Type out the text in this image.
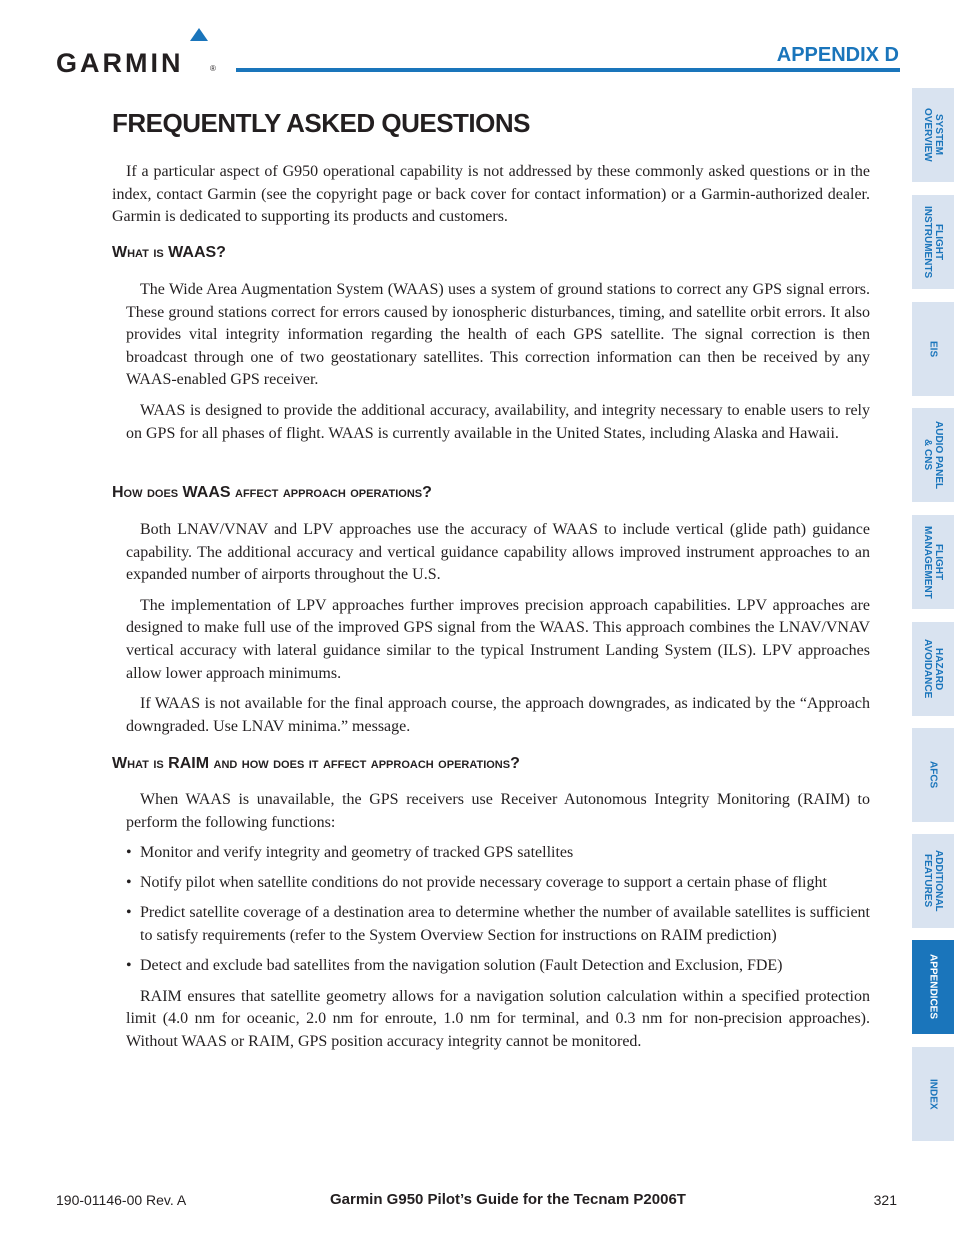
GARMIN	®
APPENDIX D
FREQUENTLY ASKED QUESTIONS

If a particular aspect of G950 operational capability is not addressed by these commonly asked questions or in the index, contact Garmin (see the copyright page or back cover for contact information) or a Garmin-authorized dealer. Garmin is dedicated to supporting its products and customers.

What is WAAS?

The Wide Area Augmentation System (WAAS) uses a system of ground stations to correct any GPS signal errors. These ground stations correct for errors caused by ionospheric disturbances, timing, and satellite orbit errors. It also provides vital integrity information regarding the health of each GPS satellite. The signal correction is then broadcast through one of two geostationary satellites. This correction information can then be received by any WAAS-enabled GPS receiver.

WAAS is designed to provide the additional accuracy, availability, and integrity necessary to enable users to rely on GPS for all phases of flight. WAAS is currently available in the United States, including Alaska and Hawaii.

How does WAAS affect approach operations?

Both LNAV/VNAV and LPV approaches use the accuracy of WAAS to include vertical (glide path) guidance capability. The additional accuracy and vertical guidance capability allows improved instrument approaches to an expanded number of airports throughout the U.S.

The implementation of LPV approaches further improves precision approach capabilities. LPV approaches are designed to make full use of the improved GPS signal from the WAAS. This approach combines the LNAV/VNAV vertical accuracy with lateral guidance similar to the typical Instrument Landing System (ILS). LPV approaches allow lower approach minimums.

If WAAS is not available for the final approach course, the approach downgrades, as indicated by the “Approach downgraded. Use LNAV minima.” message.

What is RAIM and how does it affect approach operations?

When WAAS is unavailable, the GPS receivers use Receiver Autonomous Integrity Monitoring (RAIM) to perform the following functions:

• Monitor and verify integrity and geometry of tracked GPS satellites
• Notify pilot when satellite conditions do not provide necessary coverage to support a certain phase of flight
• Predict satellite coverage of a destination area to determine whether the number of available satellites is sufficient to satisfy requirements (refer to the System Overview Section for instructions on RAIM prediction)
• Detect and exclude bad satellites from the navigation solution (Fault Detection and Exclusion, FDE)

RAIM ensures that satellite geometry allows for a navigation solution calculation within a specified protection limit (4.0 nm for oceanic, 2.0 nm for enroute, 1.0 nm for terminal, and 0.3 nm for non-precision approaches). Without WAAS or RAIM, GPS position accuracy integrity cannot be monitored.

SYSTEM
OVERVIEW
FLIGHT
INSTRUMENTS
EIS
AUDIO PANEL
& CNS
FLIGHT
MANAGEMENT
HAZARD
AVOIDANCE
AFCS
ADDITIONAL
FEATURES
APPENDICES
INDEX
190-01146-00 Rev. A	Garmin G950 Pilot’s Guide for the Tecnam P2006T	321
